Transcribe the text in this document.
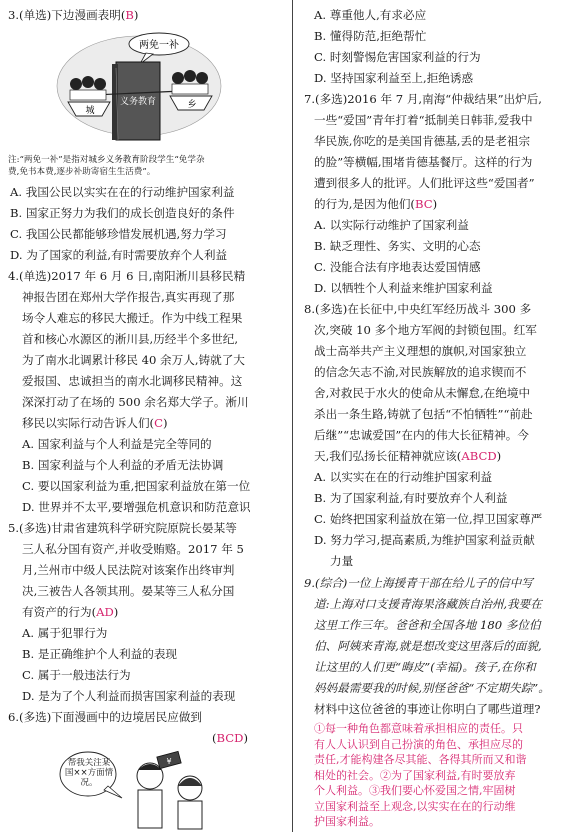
3.(单选)下边漫画表明(B)
两免一补
义务教育
城
乡
注:“两免一补”是指对城乡义务教育阶段学生“免学杂
费,免书本费,逐步补助寄宿生生活费”。
A. 我国公民以实实在在的行动维护国家利益
B. 国家正努力为我们的成长创造良好的条件
C. 我国公民都能够珍惜发展机遇,努力学习
D. 为了国家的利益,有时需要放弃个人利益
4.(单选)2017 年 6 月 6 日,南阳淅川县移民精
神报告团在郑州大学作报告,真实再现了那
场令人难忘的移民大搬迁。作为中线工程果
首和核心水源区的淅川县,历经半个多世纪,
为了南水北调累计移民 40 余万人,铸就了大
爱报国、忠诚担当的南水北调移民精神。这
深深打动了在场的 500 余名郑大学子。淅川
移民以实际行动告诉人们(C)
A. 国家利益与个人利益是完全等同的
B. 国家利益与个人利益的矛盾无法协调
C. 要以国家利益为重,把国家利益放在第一位
D. 世界并不太平,要增强危机意识和防范意识
5.(多选)甘肃省建筑科学研究院原院长晏某等
三人私分国有资产,并收受贿赂。2017 年 5
月,兰州市中级人民法院对该案作出终审判
决,三被告人各领其刑。晏某等三人私分国
有资产的行为(AD)
A. 属于犯罪行为
B. 是正确维护个人利益的表现
C. 属于一般违法行为
D. 是为了个人利益而损害国家利益的表现
6.(多选)下面漫画中的边境居民应做到
(BCD)
帮我关注某国××方面情况。
¥
A. 尊重他人,有求必应
B. 懂得防范,拒绝帮忙
C. 时刻警惕危害国家利益的行为
D. 坚持国家利益至上,拒绝诱惑
7.(多选)2016 年 7 月,南海“仲裁结果”出炉后,
一些“爱国”青年打着“抵制美日韩菲,爱我中
华民族,你吃的是美国肯德基,丢的是老祖宗
的脸”等横幅,围堵肯德基餐厅。这样的行为
遭到很多人的批评。人们批评这些“爱国者”
的行为,是因为他们(BC)
A. 以实际行动维护了国家利益
B. 缺乏理性、务实、文明的心态
C. 没能合法有序地表达爱国情感
D. 以牺牲个人利益来维护国家利益
8.(多选)在长征中,中央红军经历战斗 300 多
次,突破 10 多个地方军阀的封锁包围。红军
战士高举共产主义理想的旗帜,对国家独立
的信念矢志不渝,对民族解放的追求锲而不
舍,对救民于水火的使命从未懈怠,在绝境中
杀出一条生路,铸就了包括“不怕牺牲”“前赴
后继”“忠诚爱国”在内的伟大长征精神。今
天,我们弘扬长征精神就应该(ABCD)
A. 以实实在在的行动维护国家利益
B. 为了国家利益,有时要放弃个人利益
C. 始终把国家利益放在第一位,捍卫国家尊严
D. 努力学习,提高素质,为维护国家利益贡献
力量
9.(综合)一位上海援青干部在给儿子的信中写
道:上海对口支援青海果洛藏族自治州,我要在
这里工作三年。爸爸和全国各地 180 多位伯
伯、阿姨来青海,就是想改变这里落后的面貌,
让这里的人们更“晦皮”(幸福)。孩子,在你和
妈妈最需要我的时候,别怪爸爸“不定期失踪”。
材料中这位爸爸的事迹让你明白了哪些道理?
①每一种角色都意味着承担相应的责任。只
有人人认识到自己扮演的角色、承担应尽的
责任,才能构建各尽其能、各得其所而又和谐
相处的社会。②为了国家利益,有时要放弃
个人利益。③我们要心怀爱国之情,牢固树
立国家利益至上观念,以实实在在的行动维
护国家利益。
